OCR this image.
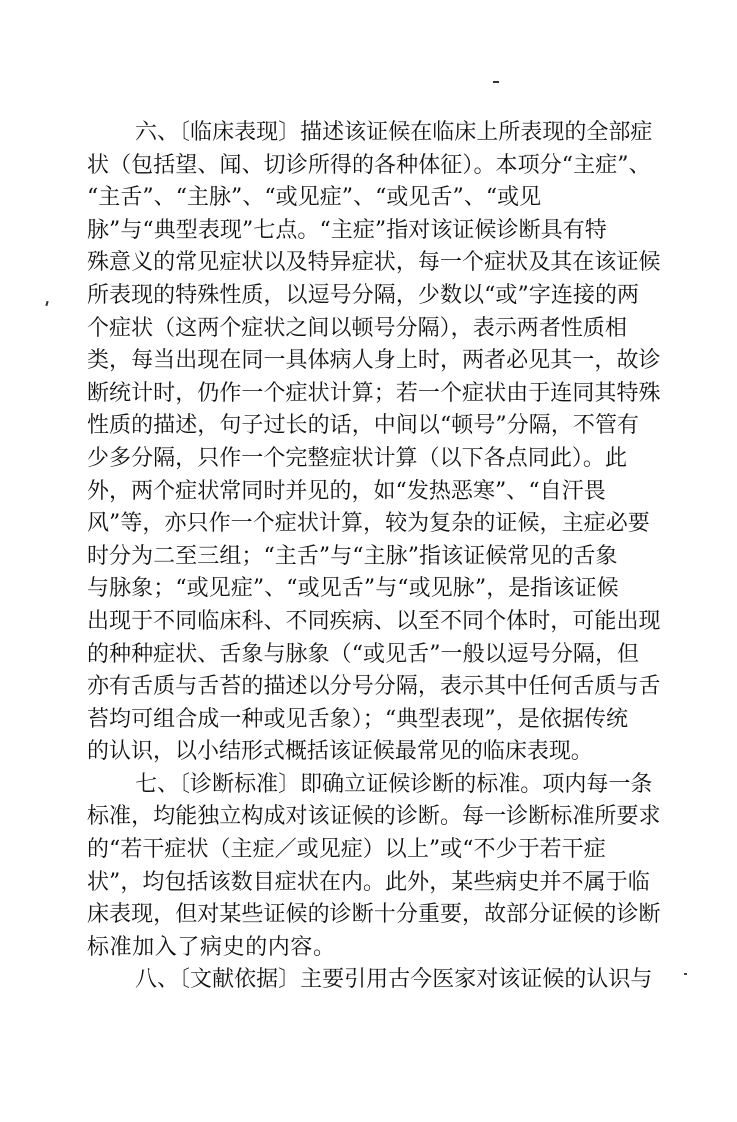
六、〔临床表现〕描述该证候在临床上所表现的全部症
状（包括望、闻、切诊所得的各种体征）。本项分“主症”、
“主舌”、“主脉”、“或见症”、“或见舌”、“或见
脉”与“典型表现”七点。“主症”指对该证候诊断具有特
殊意义的常见症状以及特异症状，每一个症状及其在该证候
所表现的特殊性质，以逗号分隔，少数以“或”字连接的两
个症状（这两个症状之间以顿号分隔），表示两者性质相
类，每当出现在同一具体病人身上时，两者必见其一，故诊
断统计时，仍作一个症状计算；若一个症状由于连同其特殊
性质的描述，句子过长的话，中间以“顿号”分隔，不管有
少多分隔，只作一个完整症状计算（以下各点同此）。此
外，两个症状常同时并见的，如“发热恶寒”、“自汗畏
风”等，亦只作一个症状计算，较为复杂的证候，主症必要
时分为二至三组；“主舌”与“主脉”指该证候常见的舌象
与脉象；“或见症”、“或见舌”与“或见脉”，是指该证候
出现于不同临床科、不同疾病、以至不同个体时，可能出现
的种种症状、舌象与脉象（“或见舌”一般以逗号分隔，但
亦有舌质与舌苔的描述以分号分隔，表示其中任何舌质与舌
苔均可组合成一种或见舌象）；“典型表现”，是依据传统
的认识，以小结形式概括该证候最常见的临床表现。
七、〔诊断标准〕即确立证候诊断的标准。项内每一条
标准，均能独立构成对该证候的诊断。每一诊断标准所要求
的“若干症状（主症／或见症）以上”或“不少于若干症
状”，均包括该数目症状在内。此外，某些病史并不属于临
床表现，但对某些证候的诊断十分重要，故部分证候的诊断
标准加入了病史的内容。
八、〔文献依据〕主要引用古今医家对该证候的认识与
